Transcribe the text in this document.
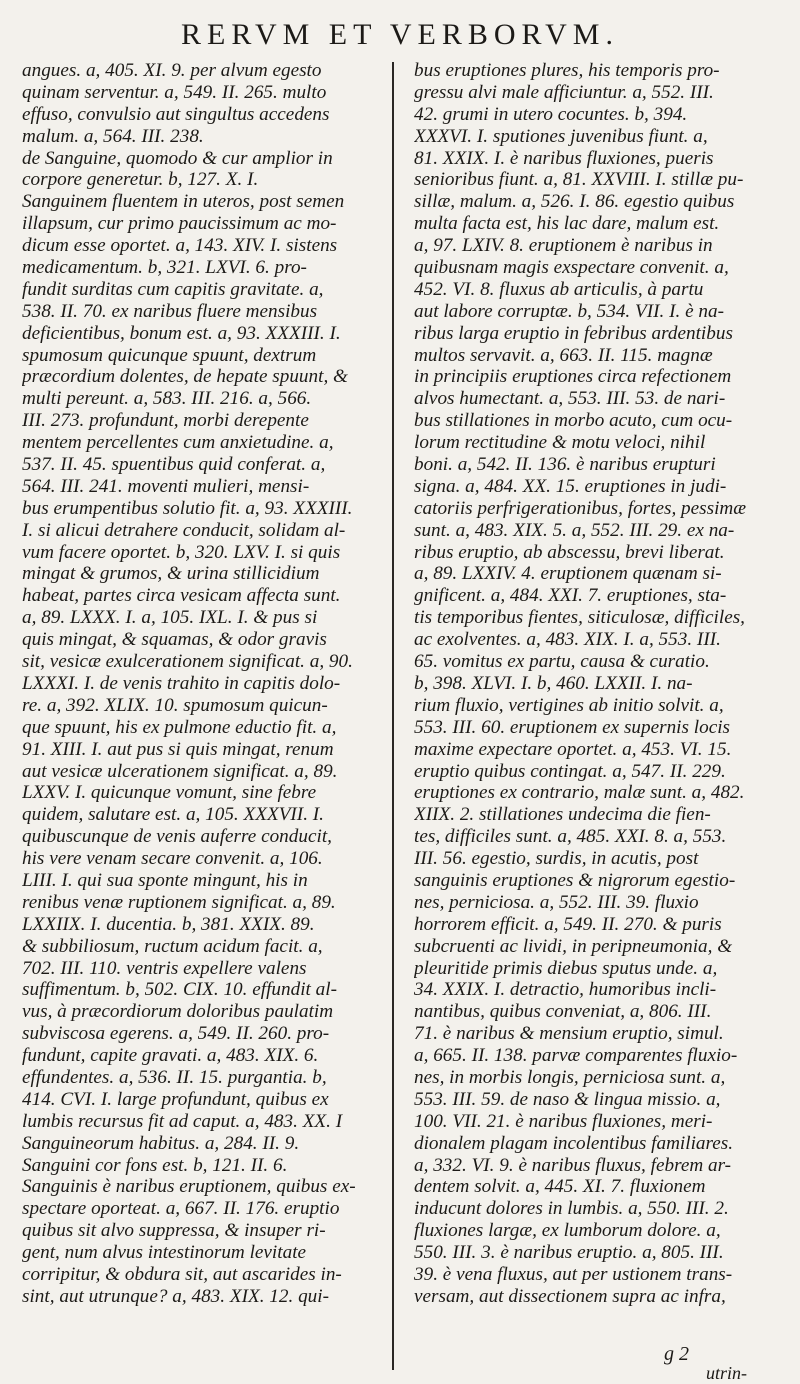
RERVM ET VERBORVM.
angues. a, 405. XI. 9. per alvum egesto
quinam serventur. a, 549. II. 265. multo
effuso, convulsio aut singultus accedens
malum. a, 564. III. 238.
de Sanguine, quomodo & cur amplior in
corpore generetur. b, 127. X. I.
Sanguinem fluentem in uteros, post semen
illapsum, cur primo paucissimum ac mo-
dicum esse oportet. a, 143. XIV. I. sistens
medicamentum. b, 321. LXVI. 6. pro-
fundit surditas cum capitis gravitate. a,
538. II. 70. ex naribus fluere mensibus
deficientibus, bonum est. a, 93. XXXIII. I.
spumosum quicunque spuunt, dextrum
præcordium dolentes, de hepate spuunt, &
multi pereunt. a, 583. III. 216. a, 566.
III. 273. profundunt, morbi derepente
mentem percellentes cum anxietudine. a,
537. II. 45. spuentibus quid conferat. a,
564. III. 241. moventi mulieri, mensi-
bus erumpentibus solutio fit. a, 93. XXXIII.
I. si alicui detrahere conducit, solidam al-
vum facere oportet. b, 320. LXV. I. si quis
mingat & grumos, & urina stillicidium
habeat, partes circa vesicam affecta sunt.
a, 89. LXXX. I. a, 105. IXL. I. & pus si
quis mingat, & squamas, & odor gravis
sit, vesicæ exulcerationem significat. a, 90.
LXXXI. I. de venis trahito in capitis dolo-
re. a, 392. XLIX. 10. spumosum quicun-
que spuunt, his ex pulmone eductio fit. a,
91. XIII. I. aut pus si quis mingat, renum
aut vesicæ ulcerationem significat. a, 89.
LXXV. I. quicunque vomunt, sine febre
quidem, salutare est. a, 105. XXXVII. I.
quibuscunque de venis auferre conducit,
his vere venam secare convenit. a, 106.
LIII. I. qui sua sponte mingunt, his in
renibus venæ ruptionem significat. a, 89.
LXXIIX. I. ducentia. b, 381. XXIX. 89.
& subbiliosum, ructum acidum facit. a,
702. III. 110. ventris expellere valens
suffimentum. b, 502. CIX. 10. effundit al-
vus, à præcordiorum doloribus paulatim
subviscosa egerens. a, 549. II. 260. pro-
fundunt, capite gravati. a, 483. XIX. 6.
effundentes. a, 536. II. 15. purgantia. b,
414. CVI. I. large profundunt, quibus ex
lumbis recursus fit ad caput. a, 483. XX. I
Sanguineorum habitus. a, 284. II. 9.
Sanguini cor fons est. b, 121. II. 6.
Sanguinis è naribus eruptionem, quibus ex-
spectare oporteat. a, 667. II. 176. eruptio
quibus sit alvo suppressa, & insuper ri-
gent, num alvus intestinorum levitate
corripitur, & obdura sit, aut ascarides in-
sint, aut utrunque? a, 483. XIX. 12. qui-
bus eruptiones plures, his temporis pro-
gressu alvi male afficiuntur. a, 552. III.
42. grumi in utero cocuntes. b, 394.
XXXVI. I. sputiones juvenibus fiunt. a,
81. XXIX. I. è naribus fluxiones, pueris
senioribus fiunt. a, 81. XXVIII. I. stillæ pu-
sillæ, malum. a, 526. I. 86. egestio quibus
multa facta est, his lac dare, malum est.
a, 97. LXIV. 8. eruptionem è naribus in
quibusnam magis exspectare convenit. a,
452. VI. 8. fluxus ab articulis, à partu
aut labore corruptæ. b, 534. VII. I. è na-
ribus larga eruptio in febribus ardentibus
multos servavit. a, 663. II. 115. magnæ
in principiis eruptiones circa refectionem
alvos humectant. a, 553. III. 53. de nari-
bus stillationes in morbo acuto, cum ocu-
lorum rectitudine & motu veloci, nihil
boni. a, 542. II. 136. è naribus erupturi
signa. a, 484. XX. 15. eruptiones in judi-
catoriis perfrigerationibus, fortes, pessimæ
sunt. a, 483. XIX. 5. a, 552. III. 29. ex na-
ribus eruptio, ab abscessu, brevi liberat.
a, 89. LXXIV. 4. eruptionem quænam si-
gnificent. a, 484. XXI. 7. eruptiones, sta-
tis temporibus fientes, siticulosæ, difficiles,
ac exolventes. a, 483. XIX. I. a, 553. III.
65. vomitus ex partu, causa & curatio.
b, 398. XLVI. I. b, 460. LXXII. I. na-
rium fluxio, vertigines ab initio solvit. a,
553. III. 60. eruptionem ex supernis locis
maxime expectare oportet. a, 453. VI. 15.
eruptio quibus contingat. a, 547. II. 229.
eruptiones ex contrario, malæ sunt. a, 482.
XIIX. 2. stillationes undecima die fien-
tes, difficiles sunt. a, 485. XXI. 8. a, 553.
III. 56. egestio, surdis, in acutis, post
sanguinis eruptiones & nigrorum egestio-
nes, perniciosa. a, 552. III. 39. fluxio
horrorem efficit. a, 549. II. 270. & puris
subcruenti ac lividi, in peripneumonia, &
pleuritide primis diebus sputus unde. a,
34. XXIX. I. detractio, humoribus incli-
nantibus, quibus conveniat, a, 806. III.
71. è naribus & mensium eruptio, simul.
a, 665. II. 138. parvæ comparentes fluxio-
nes, in morbis longis, perniciosa sunt. a,
553. III. 59. de naso & lingua missio. a,
100. VII. 21. è naribus fluxiones, meri-
dionalem plagam incolentibus familiares.
a, 332. VI. 9. è naribus fluxus, febrem ar-
dentem solvit. a, 445. XI. 7. fluxionem
inducunt dolores in lumbis. a, 550. III. 2.
fluxiones largæ, ex lumborum dolore. a,
550. III. 3. è naribus eruptio. a, 805. III.
39. è vena fluxus, aut per ustionem trans-
versam, aut dissectionem supra ac infra,
g 2
utrin-
